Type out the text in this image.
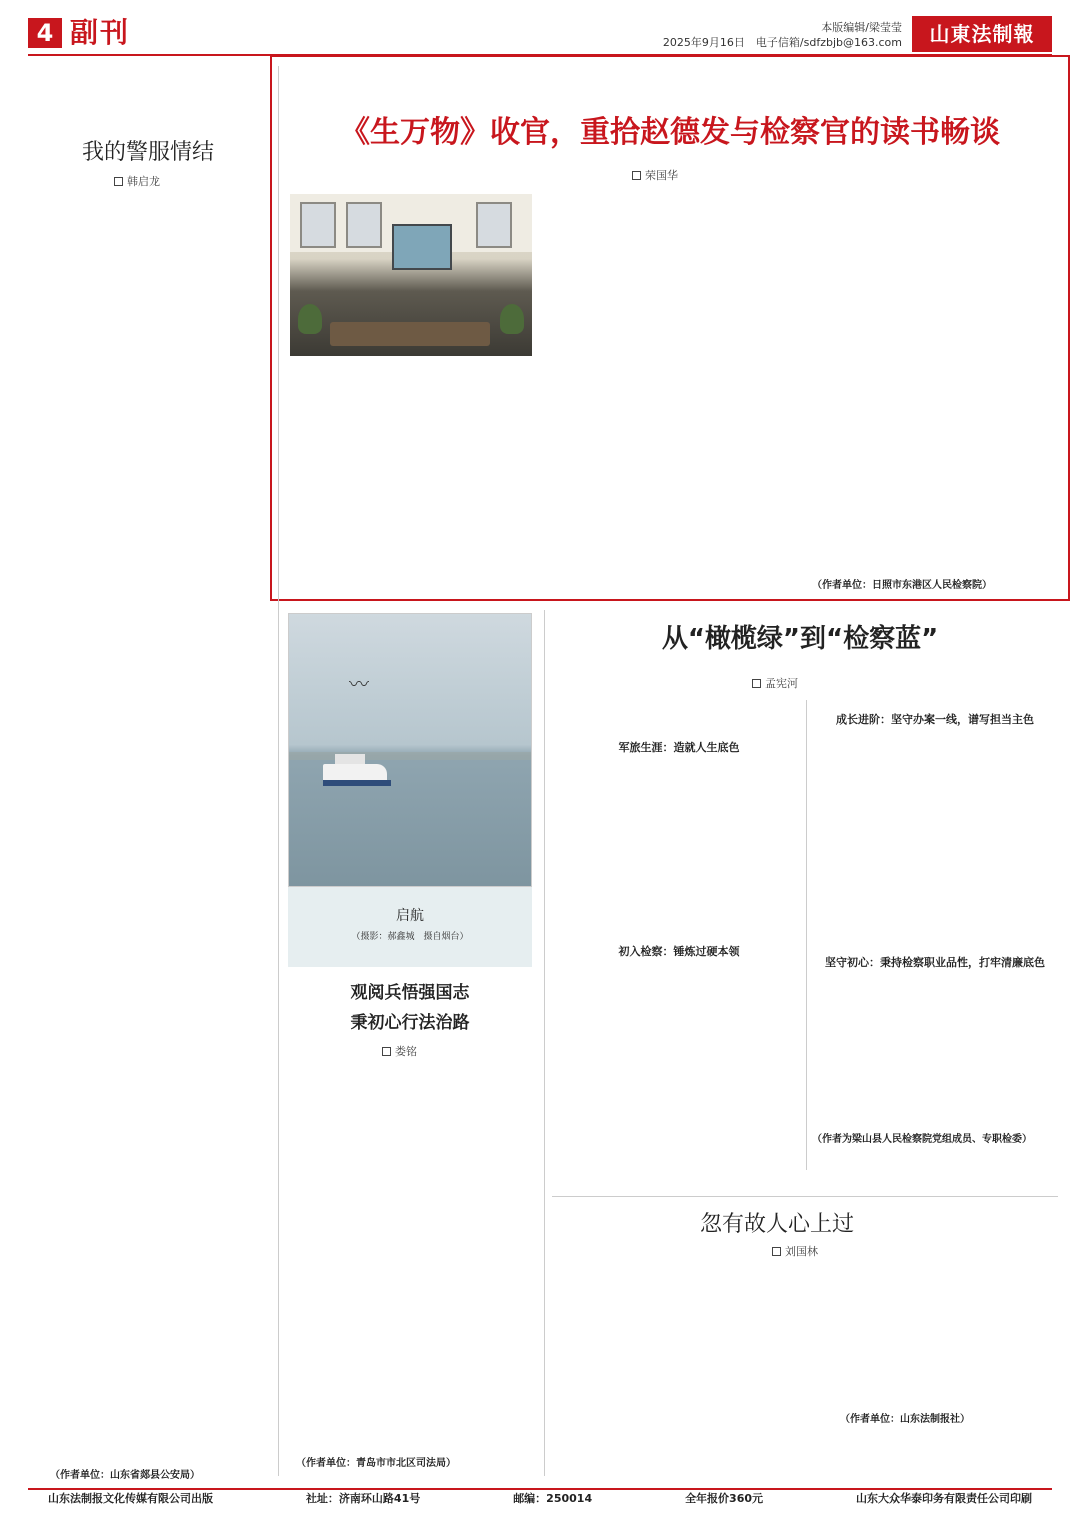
4 副刊	本版编辑/梁莹莹
2025年9月16日　 电子信箱/sdfzbjb@163.com	山東法制報
我的警服情结
韩启龙

（作者单位：山东省郯县公安局）
《生万物》收官，重拾赵德发与检察官的读书畅谈
荣国华

（作者单位：日照市东港区人民检察院）
〰
启航
（摄影：郝鑫城　摄自烟台）
观阅兵悟强国志
秉初心行法治路
娄铭

（作者单位：青岛市市北区司法局）
从“橄榄绿”到“检察蓝”
孟宪河

军旅生涯：造就人生底色
初入检察：锤炼过硬本领
成长进阶：坚守办案一线，谱写担当主色
坚守初心：秉持检察职业品性，打牢清廉底色
（作者为梁山县人民检察院党组成员、专职检委）
忽有故人心上过
刘国林

（作者单位：山东法制报社）
山东法制报文化传媒有限公司出版	社址：济南环山路41号	邮编：250014	全年报价360元	山东大众华泰印务有限责任公司印刷
